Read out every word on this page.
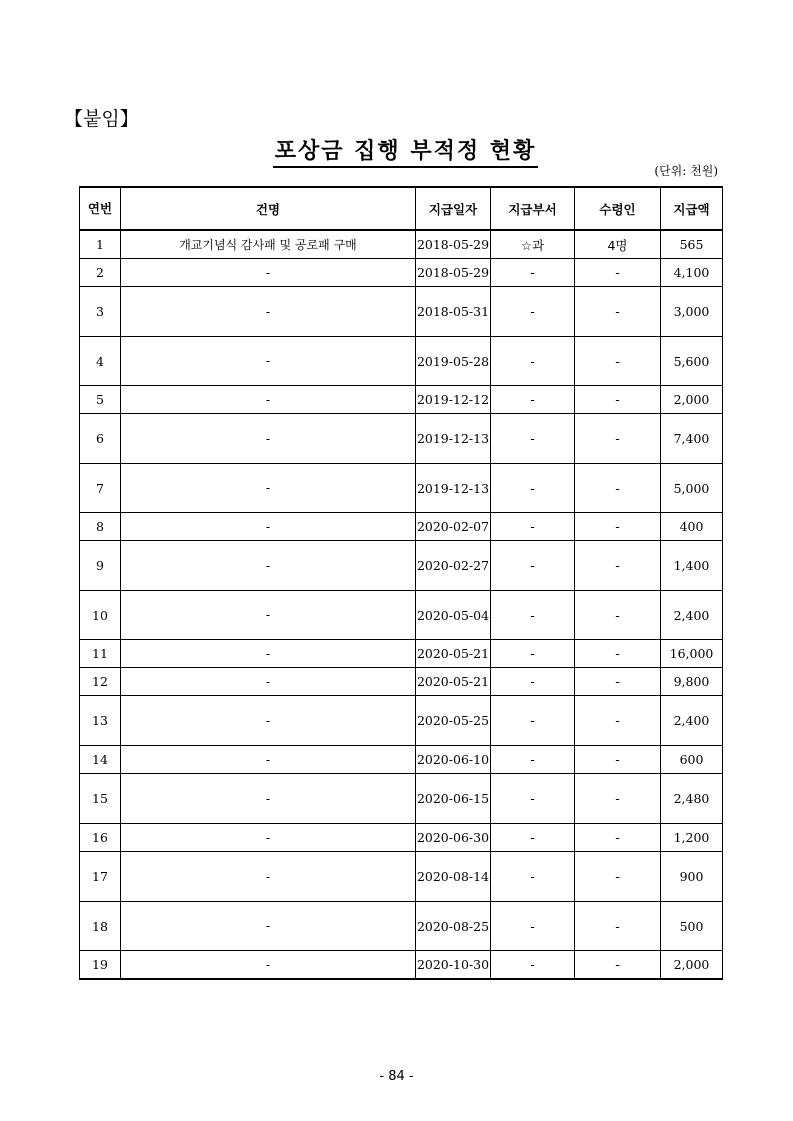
【붙임】
포상금 집행 부적정 현황
(단위: 천원)
연번	건명	지급일자	지급부서	수령인	지급액
1	개교기념식 감사패 및 공로패 구매	2018-05-29	☆과	4명	565
2	-	2018-05-29	-	-	4,100
3	-	2018-05-31	-	-	3,000
4	-	2019-05-28	-	-	5,600
5	-	2019-12-12	-	-	2,000
6	-	2019-12-13	-	-	7,400
7	-	2019-12-13	-	-	5,000
8	-	2020-02-07	-	-	400
9	-	2020-02-27	-	-	1,400
10	-	2020-05-04	-	-	2,400
11	-	2020-05-21	-	-	16,000
12	-	2020-05-21	-	-	9,800
13	-	2020-05-25	-	-	2,400
14	-	2020-06-10	-	-	600
15	-	2020-06-15	-	-	2,480
16	-	2020-06-30	-	-	1,200
17	-	2020-08-14	-	-	900
18	-	2020-08-25	-	-	500
19	-	2020-10-30	-	-	2,000
- 84 -
